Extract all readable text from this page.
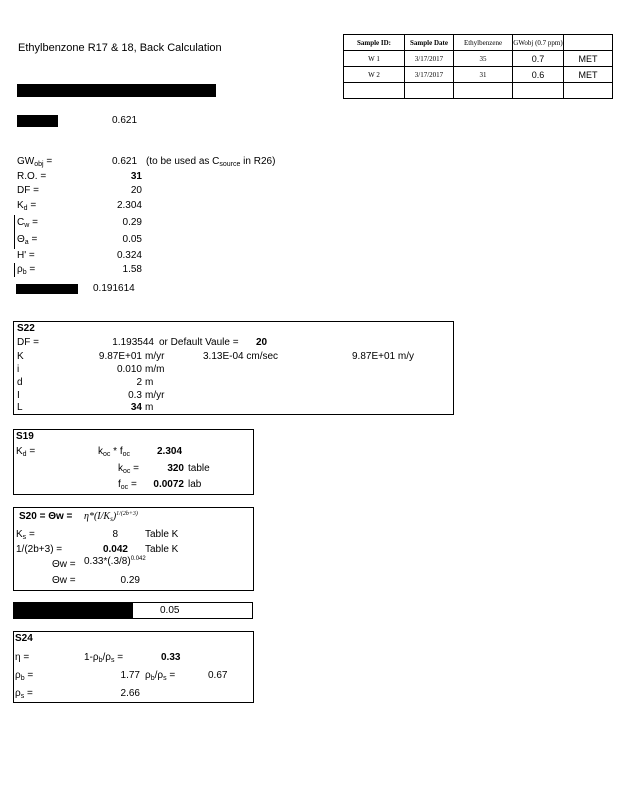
Ethylbenzone R17 & 18, Back Calculation	Sample ID:	Sample Date	Ethylbenzene	GWobj (0.7 ppm)	
W 1	3/17/2017	35	0.7	MET
W 2	3/17/2017	31	0.6	MET

0.621
$GW_{obj}$ =	0.621 (to be used as $C_{source}$ in R26)
R.O. =	31
DF =	20
$K_d$ =	2.304
$C_w$ =	0.29
$\Theta_a$ =	0.05
H' =	0.324
$\rho_b$ =	1.58
0.191614
S22
DF =	1.193544 or Default Vaule = 20
K	9.87E+01 m/yr	3.13E-04 cm/sec	9.87E+01 m/y
i	0.010 m/m
d	2 m
I	0.3 m/yr
L	34 m
S19
$K_d$ =	$k_{oc} * f_{oc}$	2.304
$k_{oc}$ =	320 table
$f_{oc}$ =	0.0072 lab
$S20 = \Theta w = \eta*(I/K_s)^{1/(2b+3)}$
$K_s$ =	8	Table K
1/(2b+3) =	0.042 Table K
$\Theta w = 0.33*(.3/8)^{0.042}$
Θw =	0.29
0.05
S24
η =	$1-\rho_b/\rho_s$ =	0.33
$\rho_b$ =	1.77 $\rho_b/\rho_s$ =	0.67
$\rho_s$ =	2.66
